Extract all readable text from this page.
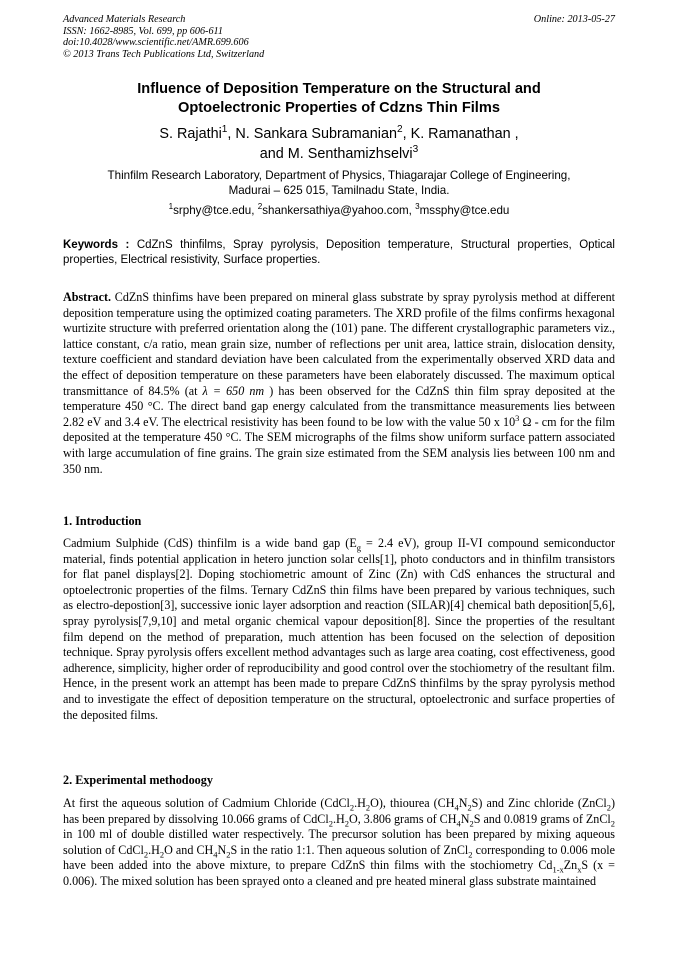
Advanced Materials Research
ISSN: 1662-8985, Vol. 699, pp 606-611
doi:10.4028/www.scientific.net/AMR.699.606
© 2013 Trans Tech Publications Ltd, Switzerland
Online: 2013-05-27
Influence of Deposition Temperature on the Structural and
Optoelectronic Properties of Cdzns Thin Films
S. Rajathi$^1$, N. Sankara Subramanian$^2$, K. Ramanathan ,
and M. Senthamizhselvi$^3$
Thinfilm Research Laboratory, Department of Physics, Thiagarajar College of Engineering,
Madurai – 625 015, Tamilnadu State, India.
$^1$srphy@tce.edu, $^2$shankersathiya@yahoo.com, $^3$mssphy@tce.edu
Keywords : CdZnS thinfilms, Spray pyrolysis, Deposition temperature, Structural properties, Optical properties, Electrical resistivity, Surface properties.
Abstract. CdZnS thinfims have been prepared on mineral glass substrate by spray pyrolysis method at different deposition temperature using the optimized coating parameters. The XRD profile of the films confirms hexagonal wurtizite structure with preferred orientation along the (101) pane. The different crystallographic parameters viz., lattice constant, c/a ratio, mean grain size, number of reflections per unit area, lattice strain, dislocation density, texture coefficient and standard deviation have been calculated from the experimentally observed XRD data and the effect of deposition temperature on these parameters have been elaborately discussed. The maximum optical transmittance of 84.5% (at λ = 650 nm ) has been observed for the CdZnS thin film spray deposited at the temperature 450 °C. The direct band gap energy calculated from the transmittance measurements lies between 2.82 eV and 3.4 eV. The electrical resistivity has been found to be low with the value 50 x $10^3$ Ω - cm for the film deposited at the temperature 450 °C. The SEM micrographs of the films show uniform surface pattern associated with large accumulation of fine grains. The grain size estimated from the SEM analysis lies between 100 nm and 350 nm.
1. Introduction
Cadmium Sulphide (CdS) thinfilm is a wide band gap ($E_g = 2.4$ eV), group II-VI compound semiconductor material, finds potential application in hetero junction solar cells[1], photo conductors and in thinfilm transistors for flat panel displays[2]. Doping stochiometric amount of Zinc (Zn) with CdS enhances the structural and optoelectronic properties of the films. Ternary CdZnS thin films have been prepared by various techniques, such as electro-depostion[3], successive ionic layer adsorption and reaction (SILAR)[4] chemical bath deposition[5,6], spray pyrolysis[7,9,10] and metal organic chemical vapour deposition[8]. Since the properties of the resultant film depend on the method of preparation, much attention has been focused on the selection of deposition technique. Spray pyrolysis offers excellent method advantages such as large area coating, cost effectiveness, good adherence, simplicity, higher order of reproducibility and good control over the stochiometry of the resultant film. Hence, in the present work an attempt has been made to prepare CdZnS thinfilms by the spray pyrolysis method and to investigate the effect of deposition temperature on the structural, optoelectronic and surface properties of the deposited films.
2. Experimental methodoogy
At first the aqueous solution of Cadmium Chloride $(CdCl_2.H_2O)$, thiourea $(CH_4N_2S)$ and Zinc chloride (ZnCl$_2$) has been prepared by dissolving 10.066 grams of $CdCl_2.H_2O$, 3.806 grams of $CH_4N_2S$ and 0.0819 grams of ZnCl$_2$ in 100 ml of double distilled water respectively. The precursor solution has been prepared by mixing aqueous solution of $CdCl_2.H_2O$ and $CH_4N_2S$ in the ratio 1:1. Then aqueous solution of ZnCl$_2$ corresponding to 0.006 mole have been added into the above mixture, to prepare CdZnS thin films with the stochiometry $Cd_{1-x}Zn_xS$ (x = 0.006). The mixed solution has been sprayed onto a cleaned and pre heated mineral glass substrate maintained
